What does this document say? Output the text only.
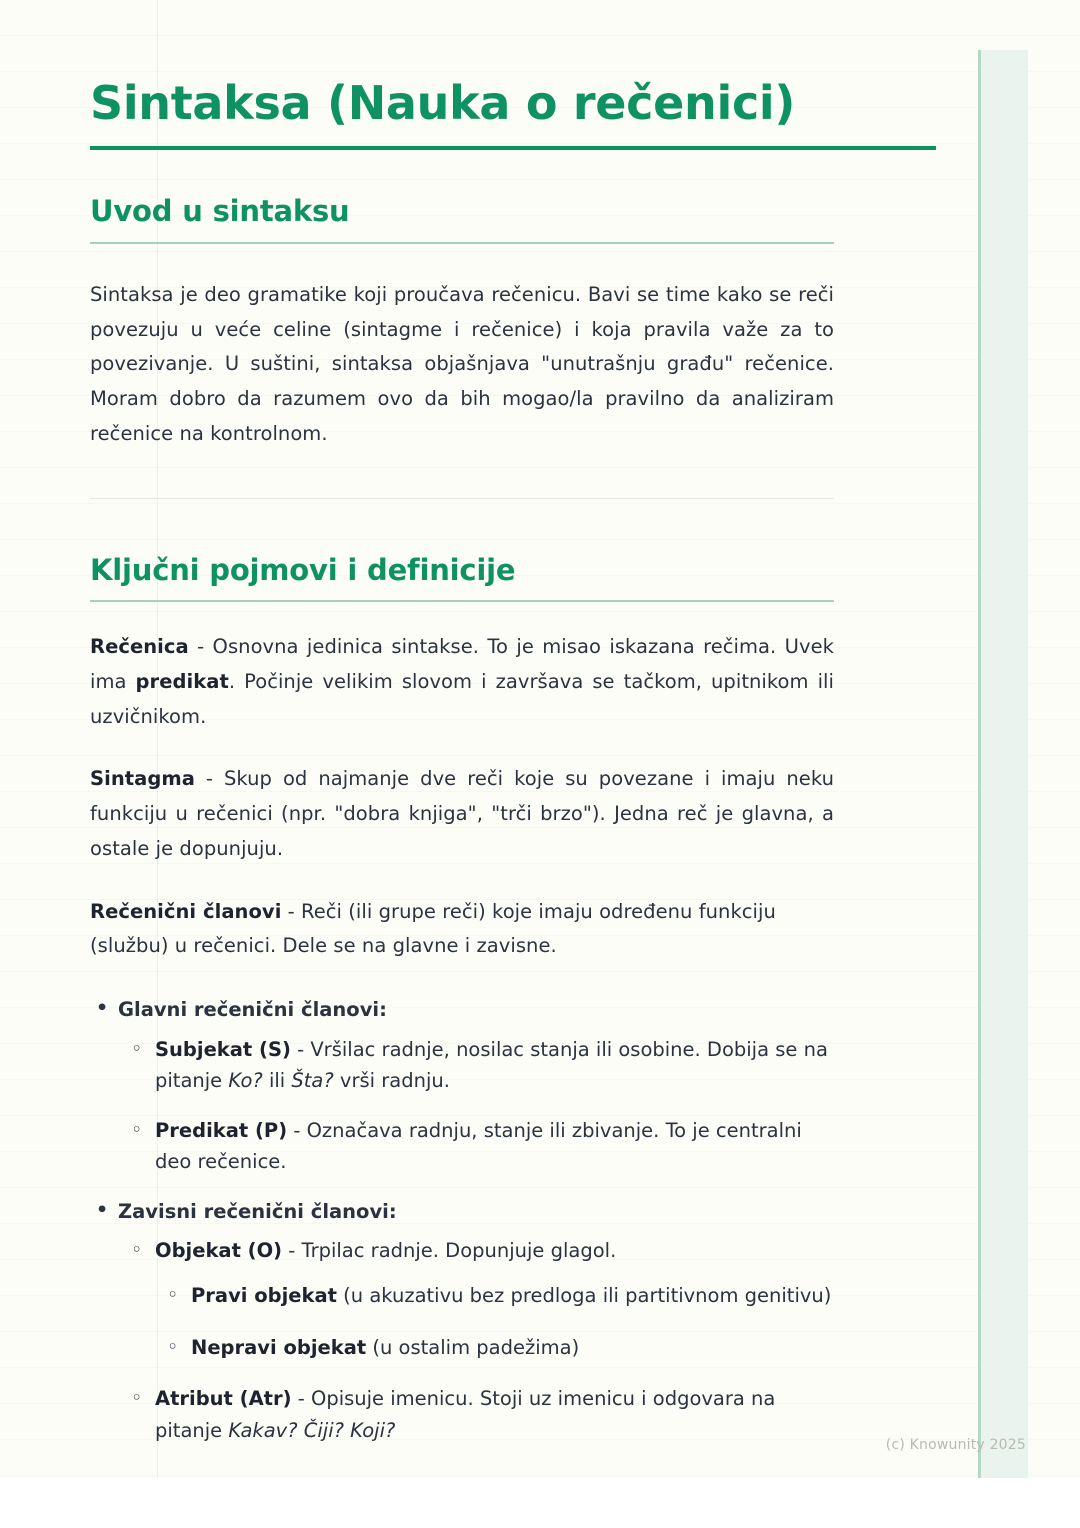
Sintaksa (Nauka o rečenici)
Uvod u sintaksu

Sintaksa je deo gramatike koji proučava rečenicu. Bavi se time kako se reči povezuju u veće celine (sintagme i rečenice) i koja pravila važe za to povezivanje. U suštini, sintaksa objašnjava "unutrašnju građu" rečenice. Moram dobro da razumem ovo da bih mogao/la pravilno da analiziram rečenice na kontrolnom.

Ključni pojmovi i definicije

Rečenica - Osnovna jedinica sintakse. To je misao iskazana rečima. Uvek ima predikat. Počinje velikim slovom i završava se tačkom, upitnikom ili uzvičnikom.

Sintagma - Skup od najmanje dve reči koje su povezane i imaju neku funkciju u rečenici (npr. "dobra knjiga", "trči brzo"). Jedna reč je glavna, a ostale je dopunjuju.

Rečenični članovi - Reči (ili grupe reči) koje imaju određenu funkciju (službu) u rečenici. Dele se na glavne i zavisne.

• Glavni rečenični članovi:
◦ Subjekat (S) - Vršilac radnje, nosilac stanja ili osobine. Dobija se na pitanje Ko? ili Šta? vrši radnju.
◦ Predikat (P) - Označava radnju, stanje ili zbivanje. To je centralni deo rečenice.
• Zavisni rečenični članovi:
◦ Objekat (O) - Trpilac radnje. Dopunjuje glagol.
◦ Pravi objekat (u akuzativu bez predloga ili partitivnom genitivu)
◦ Nepravi objekat (u ostalim padežima)
◦ Atribut (Atr) - Opisuje imenicu. Stoji uz imenicu i odgovara na pitanje Kakav? Čiji? Koji?
(c) Knowunity 2025
